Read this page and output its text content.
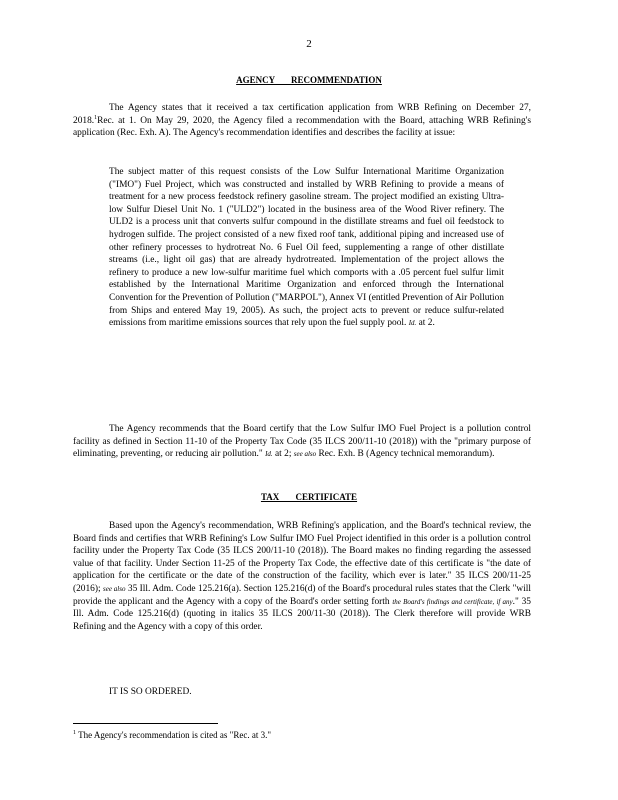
2
AGENCY RECOMMENDATION

The Agency states that it received a tax certification application from WRB Refining on December 27, 2018.$^1$Rec. at 1. On May 29, 2020, the Agency filed a recommendation with the Board, attaching WRB Refining's application (Rec. Exh. A). The Agency's recommendation identifies and describes the facility at issue:

The subject matter of this request consists of the Low Sulfur International Maritime Organization ("IMO") Fuel Project, which was constructed and installed by WRB Refining to provide a means of treatment for a new process feedstock refinery gasoline stream. The project modified an existing Ultra-low Sulfur Diesel Unit No. 1 ("ULD2") located in the business area of the Wood River refinery. The ULD2 is a process unit that converts sulfur compound in the distillate streams and fuel oil feedstock to hydrogen sulfide. The project consisted of a new fixed roof tank, additional piping and increased use of other refinery processes to hydrotreat No. 6 Fuel Oil feed, supplementing a range of other distillate streams (i.e., light oil gas) that are already hydrotreated. Implementation of the project allows the refinery to produce a new low-sulfur maritime fuel which comports with a .05 percent fuel sulfur limit established by the International Maritime Organization and enforced through the International Convention for the Prevention of Pollution ("MARPOL"), Annex VI (entitled Prevention of Air Pollution from Ships and entered May 19, 2005). As such, the project acts to prevent or reduce sulfur-related emissions from maritime emissions sources that rely upon the fuel supply pool. Id. at 2.

The Agency recommends that the Board certify that the Low Sulfur IMO Fuel Project is a pollution control facility as defined in Section 11-10 of the Property Tax Code (35 ILCS 200/11-10 (2018)) with the "primary purpose of eliminating, preventing, or reducing air pollution." Id. at 2; see also Rec. Exh. B (Agency technical memorandum).

TAX CERTIFICATE

Based upon the Agency's recommendation, WRB Refining's application, and the Board's technical review, the Board finds and certifies that WRB Refining's Low Sulfur IMO Fuel Project identified in this order is a pollution control facility under the Property Tax Code (35 ILCS 200/11-10 (2018)). The Board makes no finding regarding the assessed value of that facility. Under Section 11-25 of the Property Tax Code, the effective date of this certificate is "the date of application for the certificate or the date of the construction of the facility, which ever is later." 35 ILCS 200/11-25 (2016); see also 35 Ill. Adm. Code 125.216(a). Section 125.216(d) of the Board's procedural rules states that the Clerk "will provide the applicant and the Agency with a copy of the Board's order setting forth the Board's findings and certificate, if any." 35 Ill. Adm. Code 125.216(d) (quoting in italics 35 ILCS 200/11-30 (2018)). The Clerk therefore will provide WRB Refining and the Agency with a copy of this order.

IT IS SO ORDERED.

$^1$ The Agency's recommendation is cited as "Rec. at 3."
